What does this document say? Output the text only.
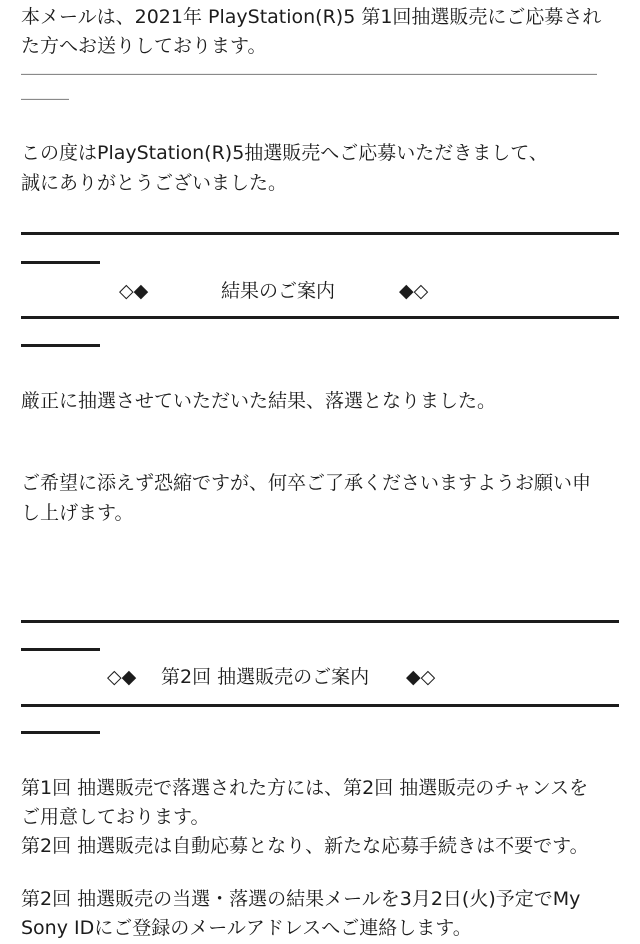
本メールは、2021年 PlayStation(R)5 第1回抽選販売にご応募され

た方へお送りしております。

――――――――――――――――――――――――――――――――――――
―――

この度はPlayStation(R)5抽選販売へご応募いただきまして、

誠にありがとうございました。

◇◆	結果のご案内	◆◇

厳正に抽選させていただいた結果、落選となりました。

ご希望に添えず恐縮ですが、何卒ご了承くださいますようお願い申

し上げます。

◇◆ 第2回 抽選販売のご案内 ◆◇

第1回 抽選販売で落選された方には、第2回 抽選販売のチャンスを

ご用意しております。

第2回 抽選販売は自動応募となり、新たな応募手続きは不要です。

第2回 抽選販売の当選・落選の結果メールを3月2日(火)予定でMy

Sony IDにご登録のメールアドレスへご連絡します。
